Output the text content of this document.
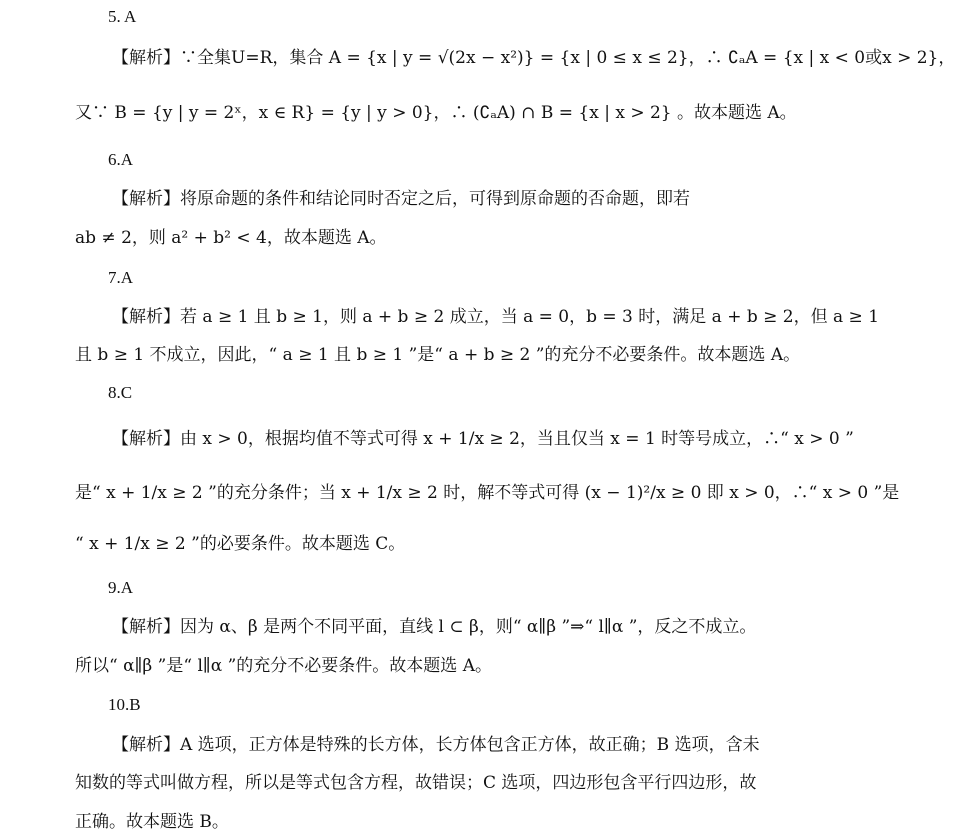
5. A
【解析】∵全集U=R，集合 A = {x | y = √(2x − x²)} = {x | 0 ≤ x ≤ 2}，∴ ∁ₐA = {x | x < 0或x > 2}，
又∵ B = {y | y = 2ˣ，x ∈ R} = {y | y > 0}，∴ (∁ₐA) ∩ B = {x | x > 2} 。故本题选 A。
6.A
【解析】将原命题的条件和结论同时否定之后，可得到原命题的否命题，即若
ab ≠ 2，则 a² + b² < 4，故本题选 A。
7.A
【解析】若 a ≥ 1 且 b ≥ 1，则 a + b ≥ 2 成立，当 a = 0，b = 3 时，满足 a + b ≥ 2，但 a ≥ 1
且 b ≥ 1 不成立，因此，“ a ≥ 1 且 b ≥ 1 ”是“ a + b ≥ 2 ”的充分不必要条件。故本题选 A。
8.C
【解析】由 x > 0，根据均值不等式可得 x + 1/x ≥ 2，当且仅当 x = 1 时等号成立，∴“ x > 0 ”
是“ x + 1/x ≥ 2 ”的充分条件；当 x + 1/x ≥ 2 时，解不等式可得 (x − 1)²/x ≥ 0 即 x > 0，∴“ x > 0 ”是
“ x + 1/x ≥ 2 ”的必要条件。故本题选 C。
9.A
【解析】因为 α、β 是两个不同平面，直线 l ⊂ β，则“ α∥β ”⇒“ l∥α ”，反之不成立。
所以“ α∥β ”是“ l∥α ”的充分不必要条件。故本题选 A。
10.B
【解析】A 选项，正方体是特殊的长方体，长方体包含正方体，故正确；B 选项，含未
知数的等式叫做方程，所以是等式包含方程，故错误；C 选项，四边形包含平行四边形，故
正确。故本题选 B。
